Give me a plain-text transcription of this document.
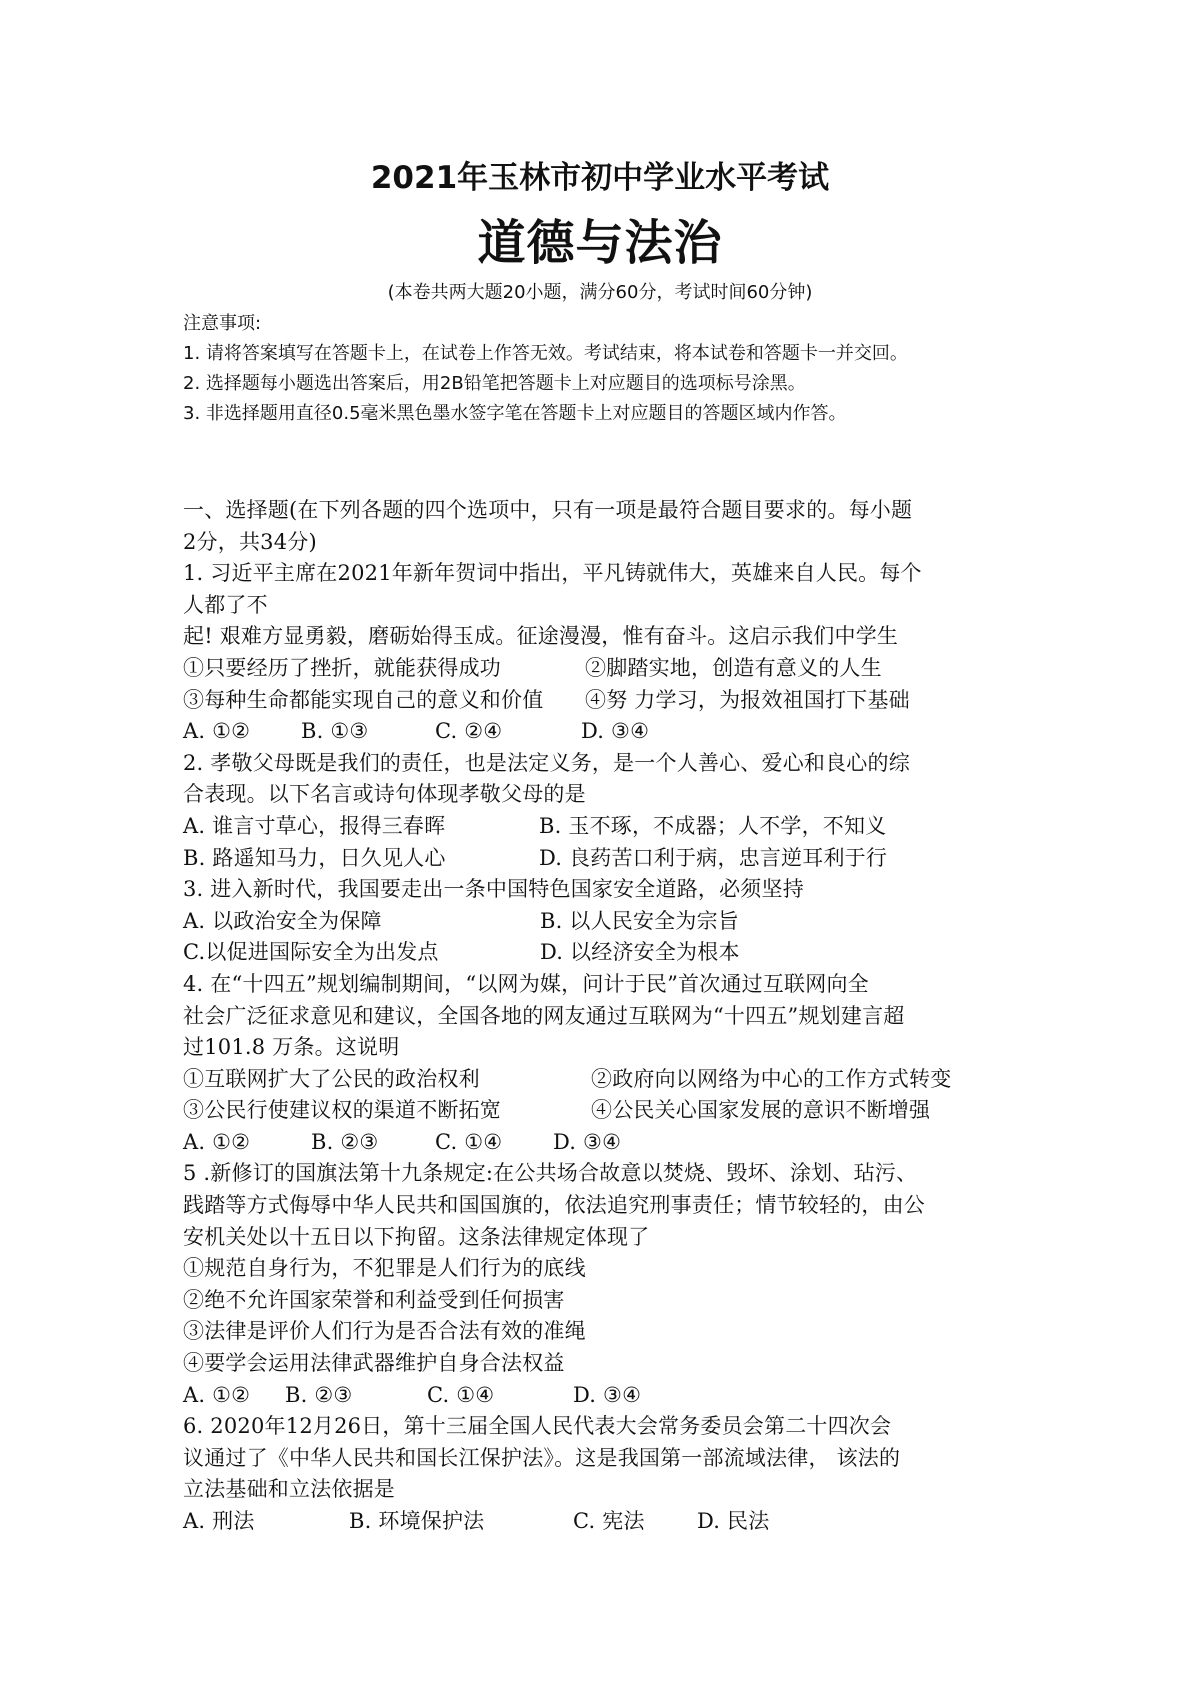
2021年玉林市初中学业水平考试
道德与法治
(本卷共两大题20小题，满分60分，考试时间60分钟)
注意事项:
1. 请将答案填写在答题卡上，在试卷上作答无效。考试结束，将本试卷和答题卡一并交回。
2. 选择题每小题选出答案后，用2B铅笔把答题卡上对应题目的选项标号涂黑。
3. 非选择题用直径0.5毫米黑色墨水签字笔在答题卡上对应题目的答题区域内作答。
一、选择题(在下列各题的四个选项中，只有一项是最符合题目要求的。每小题
2分，共34分)
1. 习近平主席在2021年新年贺词中指出，平凡铸就伟大，英雄来自人民。每个
人都了不
起! 艰难方显勇毅，磨砺始得玉成。征途漫漫，惟有奋斗。这启示我们中学生
①只要经历了挫折，就能获得成功	②脚踏实地，创造有意义的人生
③每种生命都能实现自己的意义和价值	④努 力学习，为报效祖国打下基础
A. ①②	B. ①③	C. ②④	D. ③④
2. 孝敬父母既是我们的责任，也是法定义务，是一个人善心、爱心和良心的综
合表现。以下名言或诗句体现孝敬父母的是
A. 谁言寸草心，报得三春晖	B. 玉不琢，不成器；人不学，不知义
B. 路遥知马力，日久见人心	D. 良药苦口利于病，忠言逆耳利于行
3. 进入新时代，我国要走出一条中国特色国家安全道路，必须坚持
A. 以政治安全为保障	B. 以人民安全为宗旨
C.以促进国际安全为出发点	D. 以经济安全为根本
4. 在“十四五”规划编制期间，“以网为媒，问计于民”首次通过互联网向全
社会广泛征求意见和建议，全国各地的网友通过互联网为“十四五”规划建言超
过101.8 万条。这说明
①互联网扩大了公民的政治权利	②政府向以网络为中心的工作方式转变
③公民行使建议权的渠道不断拓宽	④公民关心国家发展的意识不断增强
A. ①②	B. ②③	C. ①④	D. ③④
5 .新修订的国旗法第十九条规定:在公共场合故意以焚烧、毁坏、涂划、玷污、
践踏等方式侮辱中华人民共和国国旗的，依法追究刑事责任；情节较轻的，由公
安机关处以十五日以下拘留。这条法律规定体现了
①规范自身行为，不犯罪是人们行为的底线
②绝不允许国家荣誉和利益受到任何损害
③法律是评价人们行为是否合法有效的准绳
④要学会运用法律武器维护自身合法权益
A. ①②	B. ②③	C. ①④	D. ③④
6. 2020年12月26日，第十三届全国人民代表大会常务委员会第二十四次会
议通过了《中华人民共和国长江保护法》。这是我国第一部流域法律， 该法的
立法基础和立法依据是
A. 刑法	B. 环境保护法	C. 宪法	D. 民法
